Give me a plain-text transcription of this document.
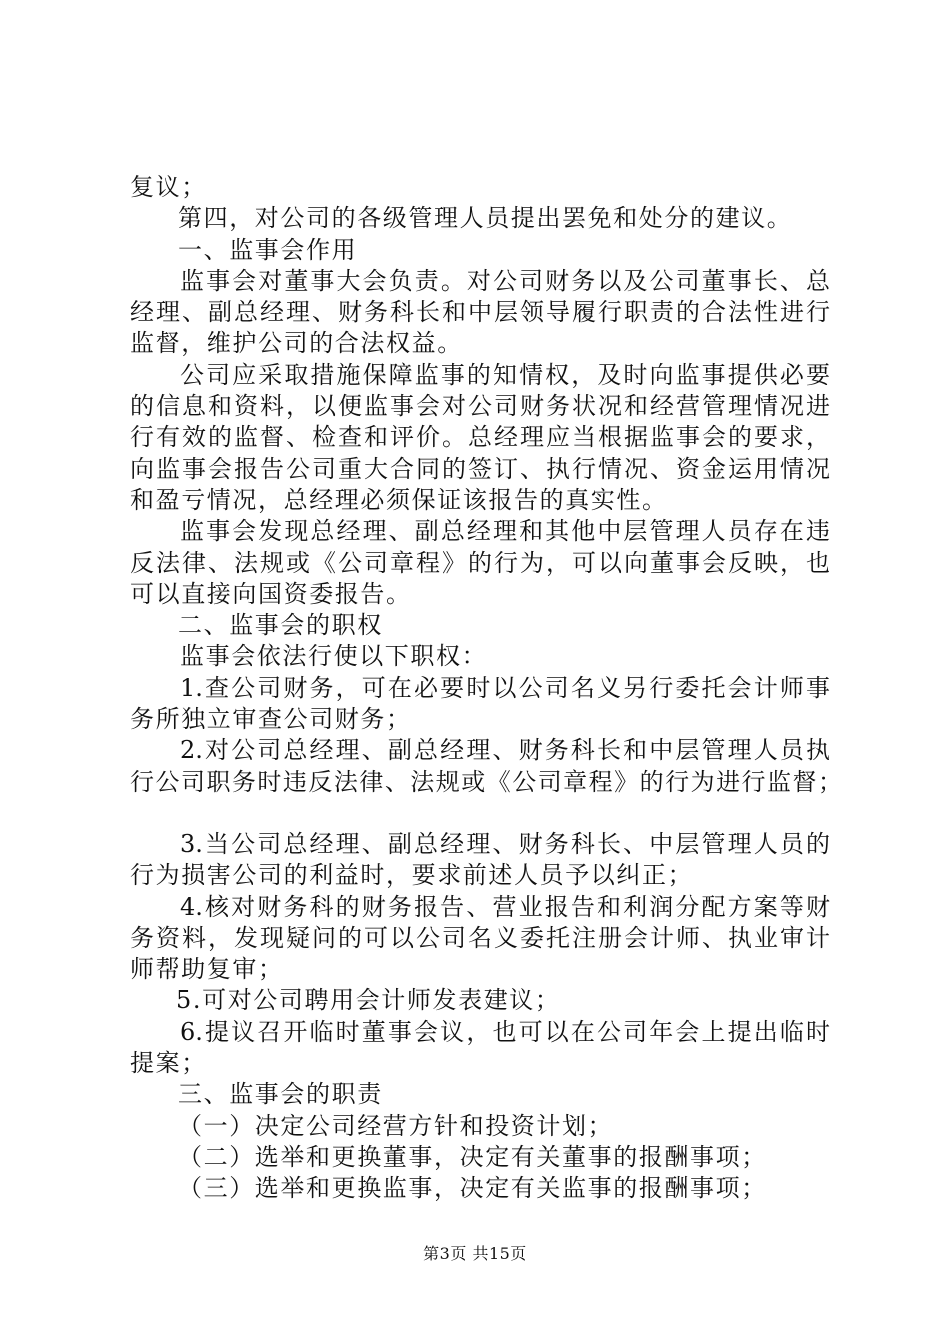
复议；
第四，对公司的各级管理人员提出罢免和处分的建议。
一、监事会作用
监事会对董事大会负责。对公司财务以及公司董事长、总
经理、副总经理、财务科长和中层领导履行职责的合法性进行
监督，维护公司的合法权益。
公司应采取措施保障监事的知情权，及时向监事提供必要
的信息和资料，以便监事会对公司财务状况和经营管理情况进
行有效的监督、检查和评价。总经理应当根据监事会的要求，
向监事会报告公司重大合同的签订、执行情况、资金运用情况
和盈亏情况，总经理必须保证该报告的真实性。
监事会发现总经理、副总经理和其他中层管理人员存在违
反法律、法规或《公司章程》的行为，可以向董事会反映，也
可以直接向国资委报告。
二、监事会的职权
监事会依法行使以下职权：
1.查公司财务，可在必要时以公司名义另行委托会计师事
务所独立审查公司财务；
2.对公司总经理、副总经理、财务科长和中层管理人员执
行公司职务时违反法律、法规或《公司章程》的行为进行监督；
3.当公司总经理、副总经理、财务科长、中层管理人员的
行为损害公司的利益时，要求前述人员予以纠正；
4.核对财务科的财务报告、营业报告和利润分配方案等财
务资料，发现疑问的可以公司名义委托注册会计师、执业审计
师帮助复审；
5.可对公司聘用会计师发表建议；
6.提议召开临时董事会议，也可以在公司年会上提出临时
提案；
三、监事会的职责
（一）决定公司经营方针和投资计划；
（二）选举和更换董事，决定有关董事的报酬事项；
（三）选举和更换监事，决定有关监事的报酬事项；
第3页 共15页
